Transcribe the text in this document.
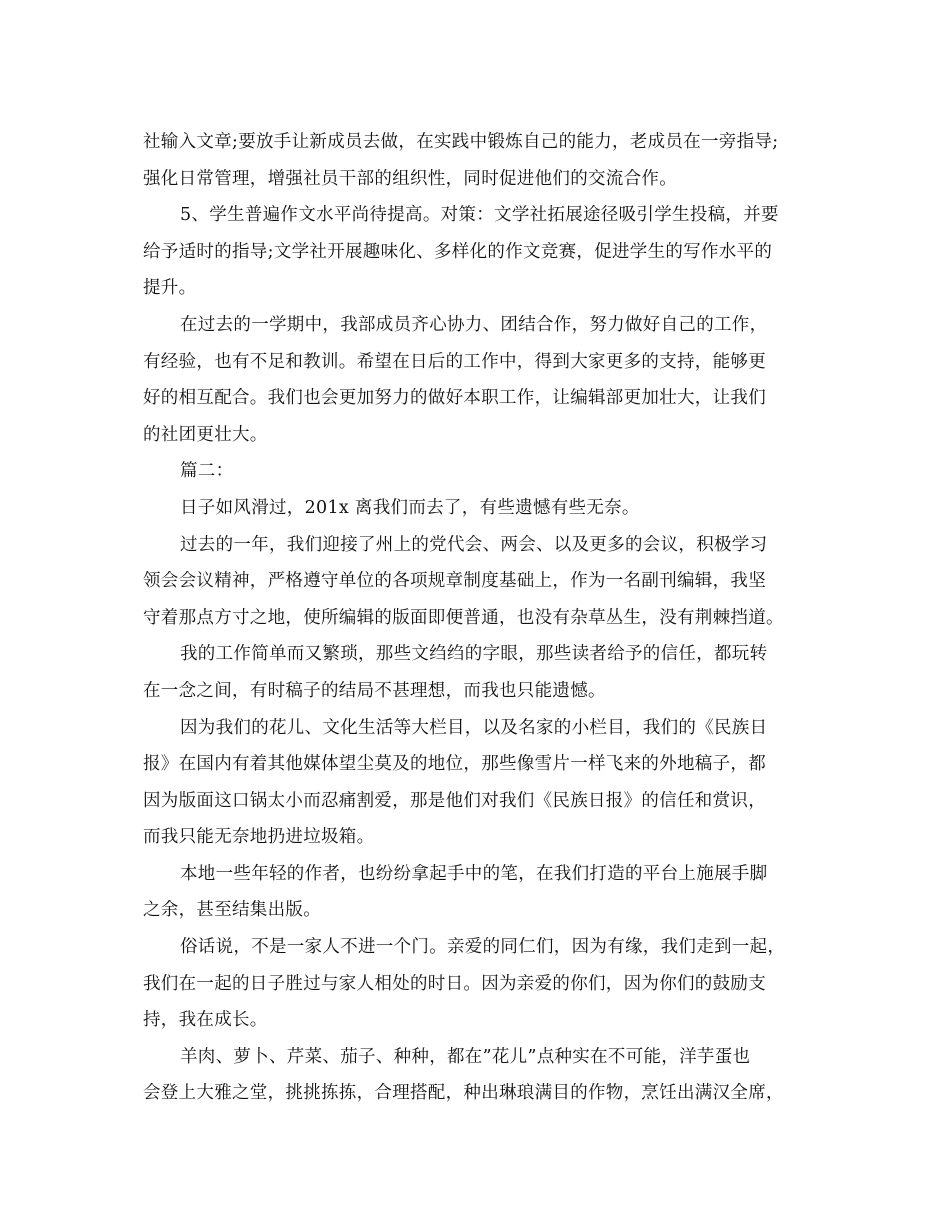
社输入文章;要放手让新成员去做，在实践中锻炼自己的能力，老成员在一旁指导;
强化日常管理，增强社员干部的组织性，同时促进他们的交流合作。
5、学生普遍作文水平尚待提高。对策：文学社拓展途径吸引学生投稿，并要
给予适时的指导;文学社开展趣味化、多样化的作文竞赛，促进学生的写作水平的
提升。
在过去的一学期中，我部成员齐心协力、团结合作，努力做好自己的工作，
有经验，也有不足和教训。希望在日后的工作中，得到大家更多的支持，能够更
好的相互配合。我们也会更加努力的做好本职工作，让编辑部更加壮大，让我们
的社团更壮大。
篇二：
日子如风滑过，201x 离我们而去了，有些遗憾有些无奈。
过去的一年，我们迎接了州上的党代会、两会、以及更多的会议，积极学习
领会会议精神，严格遵守单位的各项规章制度基础上，作为一名副刊编辑，我坚
守着那点方寸之地，使所编辑的版面即便普通，也没有杂草丛生，没有荆棘挡道。
我的工作简单而又繁琐，那些文绉绉的字眼，那些读者给予的信任，都玩转
在一念之间，有时稿子的结局不甚理想，而我也只能遗憾。
因为我们的花儿、文化生活等大栏目，以及名家的小栏目，我们的《民族日
报》在国内有着其他媒体望尘莫及的地位，那些像雪片一样飞来的外地稿子，都
因为版面这口锅太小而忍痛割爱，那是他们对我们《民族日报》的信任和赏识，
而我只能无奈地扔进垃圾箱。
本地一些年轻的作者，也纷纷拿起手中的笔，在我们打造的平台上施展手脚
之余，甚至结集出版。
俗话说，不是一家人不进一个门。亲爱的同仁们，因为有缘，我们走到一起，
我们在一起的日子胜过与家人相处的时日。因为亲爱的你们，因为你们的鼓励支
持，我在成长。
羊肉、萝卜、芹菜、茄子、种种，都在”花儿”点种实在不可能，洋芋蛋也
会登上大雅之堂，挑挑拣拣，合理搭配，种出琳琅满目的作物，烹饪出满汉全席，
